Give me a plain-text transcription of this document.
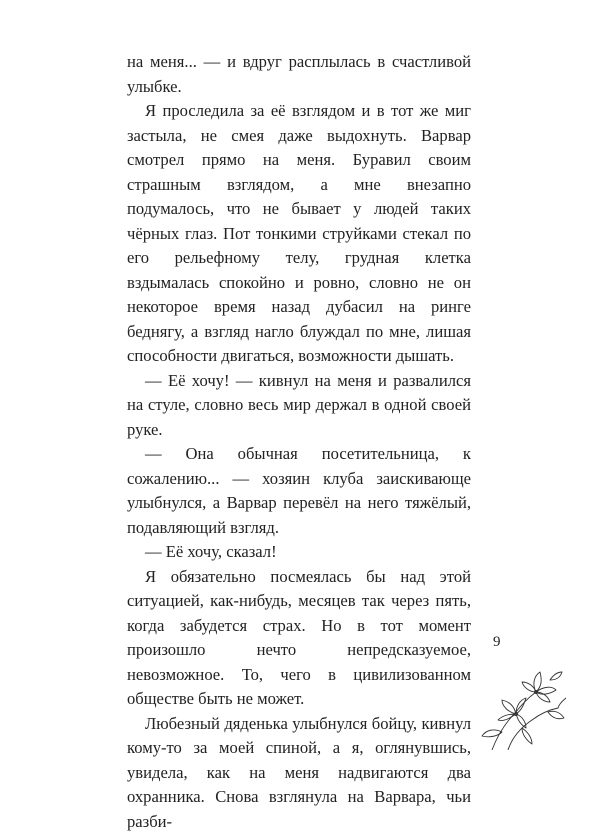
на меня... — и вдруг расплылась в счастливой улыбке.

Я проследила за её взглядом и в тот же миг застыла, не смея даже выдохнуть. Варвар смотрел прямо на меня. Буравил своим страшным взглядом, а мне внезапно подумалось, что не бывает у людей таких чёрных глаз. Пот тонкими струйками стекал по его рельефному телу, грудная клетка вздымалась спокойно и ровно, словно не он некоторое время назад дубасил на ринге беднягу, а взгляд нагло блуждал по мне, лишая способности двигаться, возможности дышать.

— Её хочу! — кивнул на меня и развалился на стуле, словно весь мир держал в одной своей руке.

— Она обычная посетительница, к сожалению... — хозяин клуба заискивающе улыбнулся, а Варвар перевёл на него тяжёлый, подавляющий взгляд.

— Её хочу, сказал!

Я обязательно посмеялась бы над этой ситуацией, как-нибудь, месяцев так через пять, когда забудется страх. Но в тот момент произошло нечто непредсказуемое, невозможное. То, чего в цивилизованном обществе быть не может.

Любезный дяденька улыбнулся бойцу, кивнул кому-то за моей спиной, а я, оглянувшись, увидела, как на меня надвигаются два охранника. Снова взглянула на Варвара, чьи разби-

9
